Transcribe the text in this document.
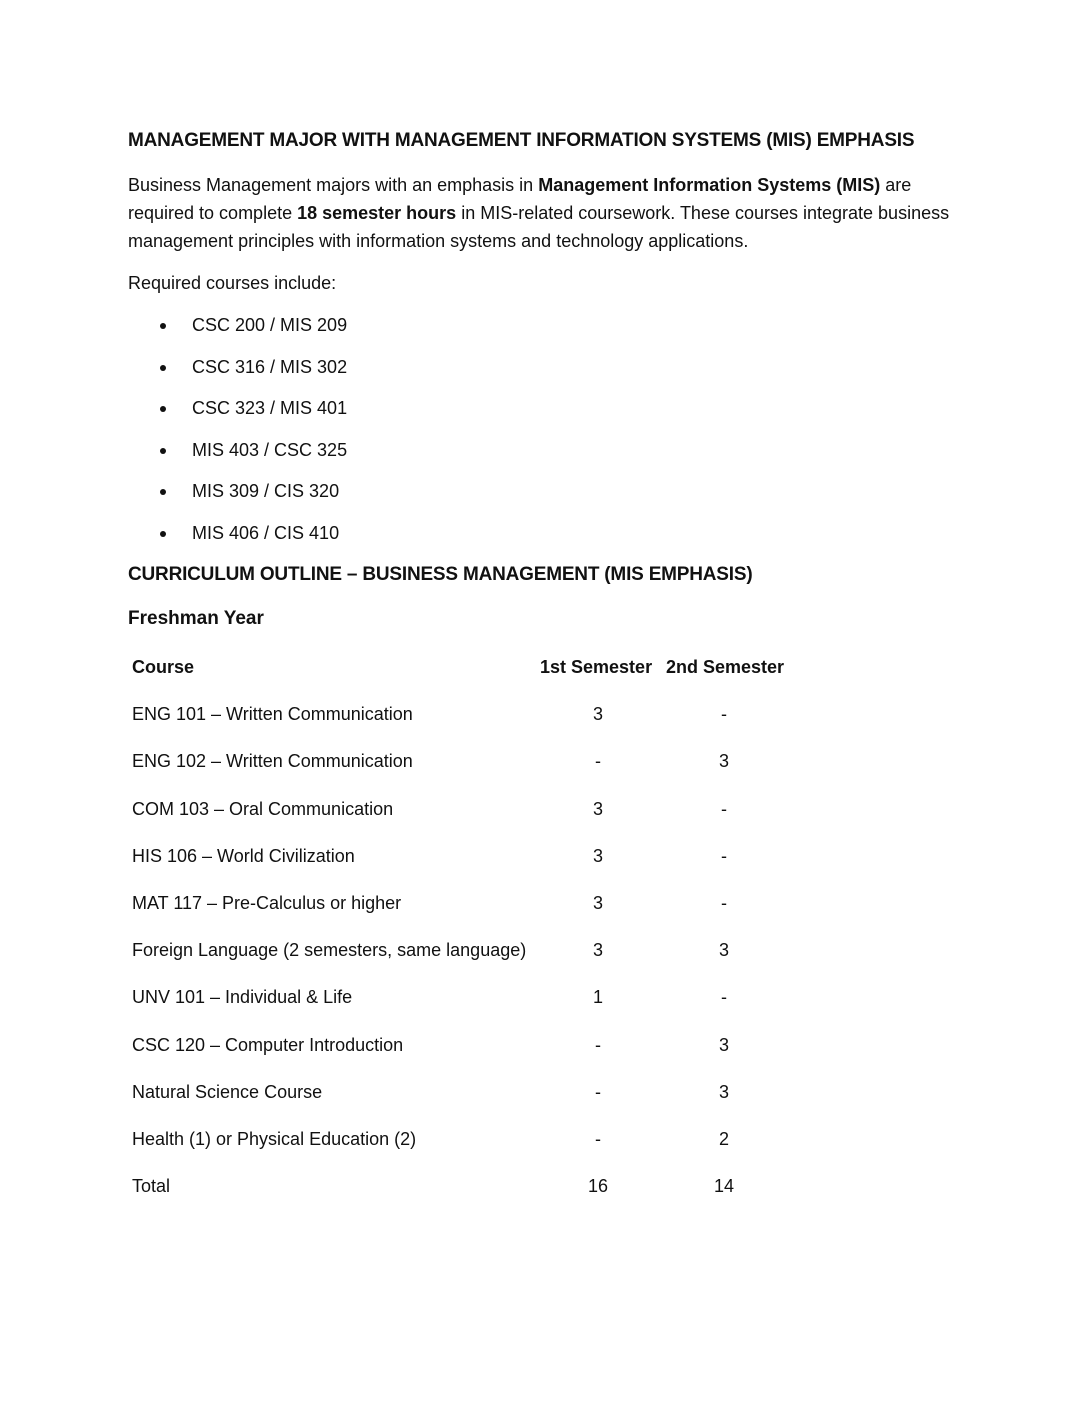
MANAGEMENT MAJOR WITH MANAGEMENT INFORMATION SYSTEMS (MIS) EMPHASIS

Business Management majors with an emphasis in Management Information Systems (MIS) are required to complete 18 semester hours in MIS-related coursework. These courses integrate business management principles with information systems and technology applications.

Required courses include:

CSC 200 / MIS 209
CSC 316 / MIS 302
CSC 323 / MIS 401
MIS 403 / CSC 325
MIS 309 / CIS 320
MIS 406 / CIS 410
CURRICULUM OUTLINE – BUSINESS MANAGEMENT (MIS EMPHASIS)
Freshman Year
Course	1st Semester 2nd Semester
ENG 101 – Written Communication	3	-
ENG 102 – Written Communication	-	3
COM 103 – Oral Communication	3	-
HIS 106 – World Civilization	3	-
MAT 117 – Pre-Calculus or higher	3	-
Foreign Language (2 semesters, same language)	3	3
UNV 101 – Individual & Life	1	-
CSC 120 – Computer Introduction	-	3
Natural Science Course	-	3
Health (1) or Physical Education (2)	-	2
Total	16	14
